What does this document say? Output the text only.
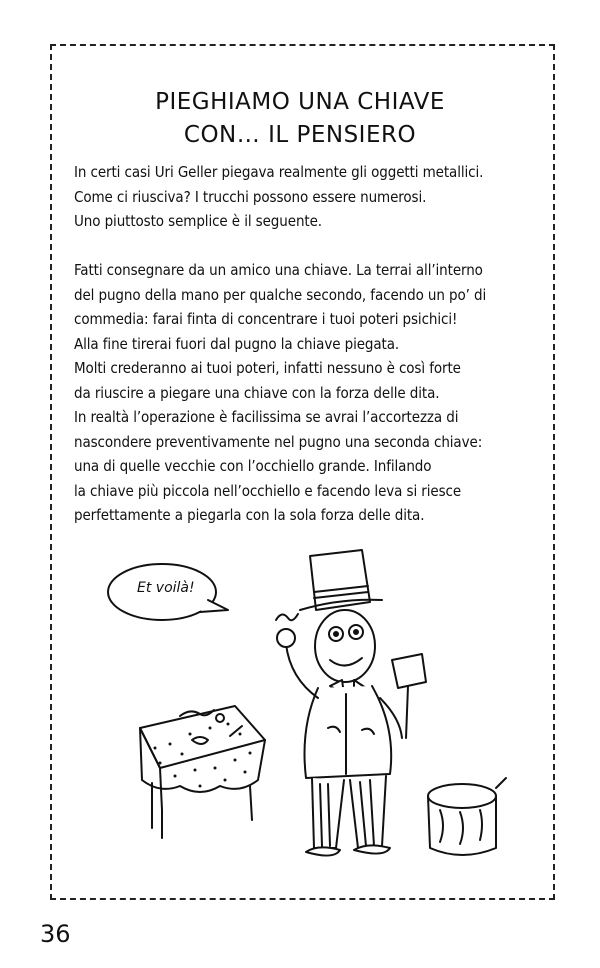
PIEGHIAMO UNA CHIAVE
CON… IL PENSIERO
In certi casi Uri Geller piegava realmente gli oggetti metallici.
Come ci riusciva? I trucchi possono essere numerosi.
Uno piuttosto semplice è il seguente.
Fatti consegnare da un amico una chiave. La terrai all’interno
del pugno della mano per qualche secondo, facendo un po’ di
commedia: farai finta di concentrare i tuoi poteri psichici!
Alla fine tirerai fuori dal pugno la chiave piegata.
Molti crederanno ai tuoi poteri, infatti nessuno è così forte
da riuscire a piegare una chiave con la forza delle dita.
In realtà l’operazione è facilissima se avrai l’accortezza di
nascondere preventivamente nel pugno una seconda chiave:
una di quelle vecchie con l’occhiello grande. Infilando
la chiave più piccola nell’occhiello e facendo leva si riesce
perfettamente a piegarla con la sola forza delle dita.
Et voilà!
36
